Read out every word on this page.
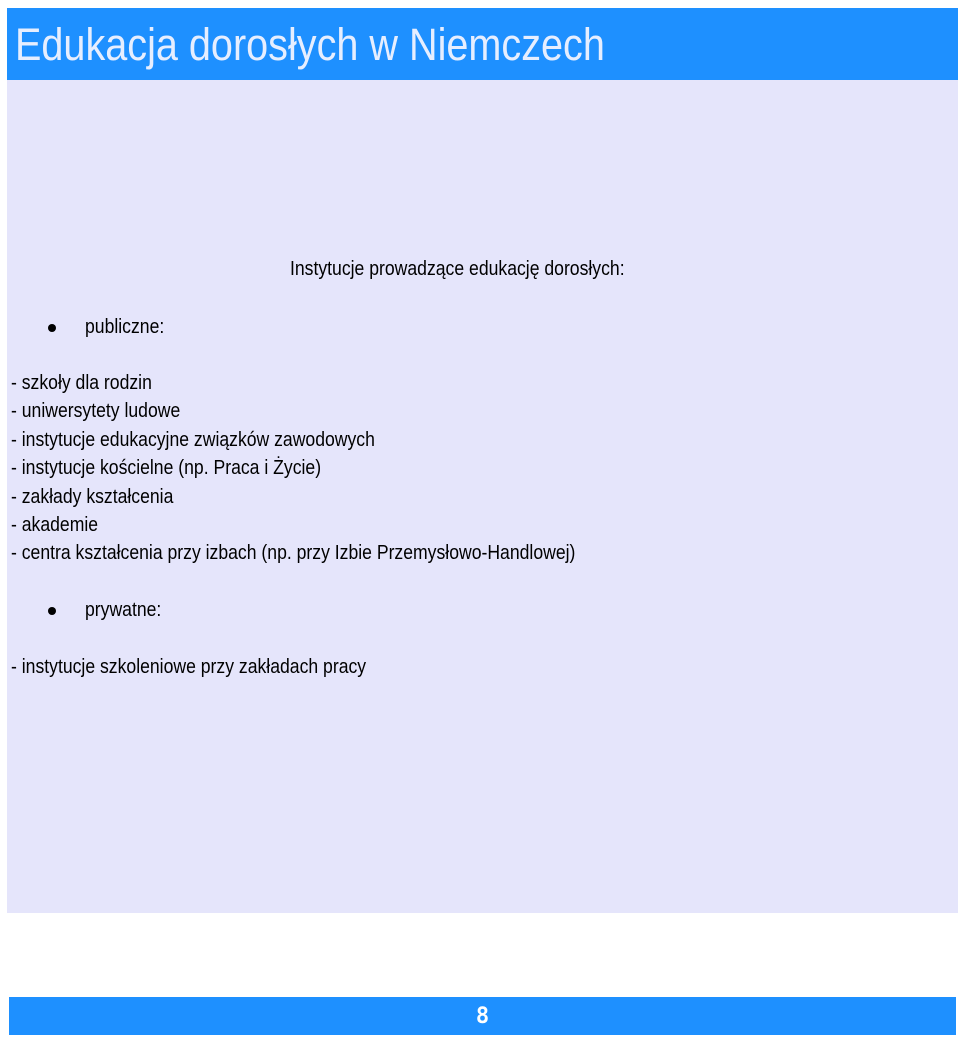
Edukacja dorosłych w Niemczech
Instytucje prowadzące edukację dorosłych:
publiczne:
- szkoły dla rodzin
- uniwersytety ludowe
- instytucje edukacyjne związków zawodowych
- instytucje kościelne (np. Praca i Życie)
- zakłady kształcenia
- akademie
- centra kształcenia przy izbach (np. przy Izbie Przemysłowo-Handlowej)
prywatne:
- instytucje szkoleniowe przy zakładach pracy
8
